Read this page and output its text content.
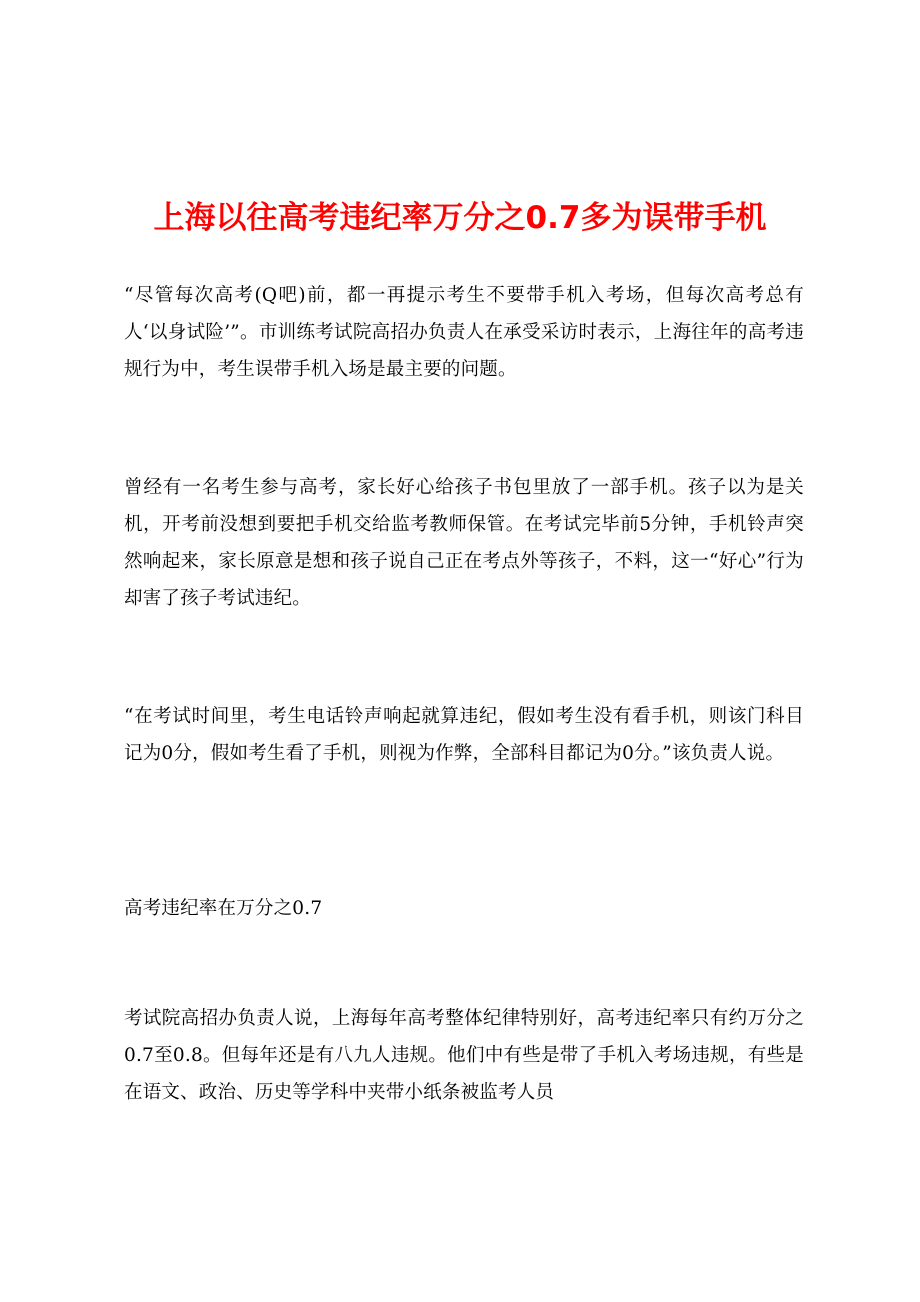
上海以往高考违纪率万分之0.7多为误带手机

“尽管每次高考(Q吧)前，都一再提示考生不要带手机入考场，但每次高考总有人‘以身试险’”。市训练考试院高招办负责人在承受采访时表示，上海往年的高考违规行为中，考生误带手机入场是最主要的问题。

曾经有一名考生参与高考，家长好心给孩子书包里放了一部手机。孩子以为是关机，开考前没想到要把手机交给监考教师保管。在考试完毕前5分钟，手机铃声突然响起来，家长原意是想和孩子说自己正在考点外等孩子，不料，这一“好心”行为却害了孩子考试违纪。

“在考试时间里，考生电话铃声响起就算违纪，假如考生没有看手机，则该门科目记为0分，假如考生看了手机，则视为作弊，全部科目都记为0分。”该负责人说。

高考违纪率在万分之0.7

考试院高招办负责人说，上海每年高考整体纪律特别好，高考违纪率只有约万分之0.7至0.8。但每年还是有八九人违规。他们中有些是带了手机入考场违规，有些是在语文、政治、历史等学科中夹带小纸条被监考人员
